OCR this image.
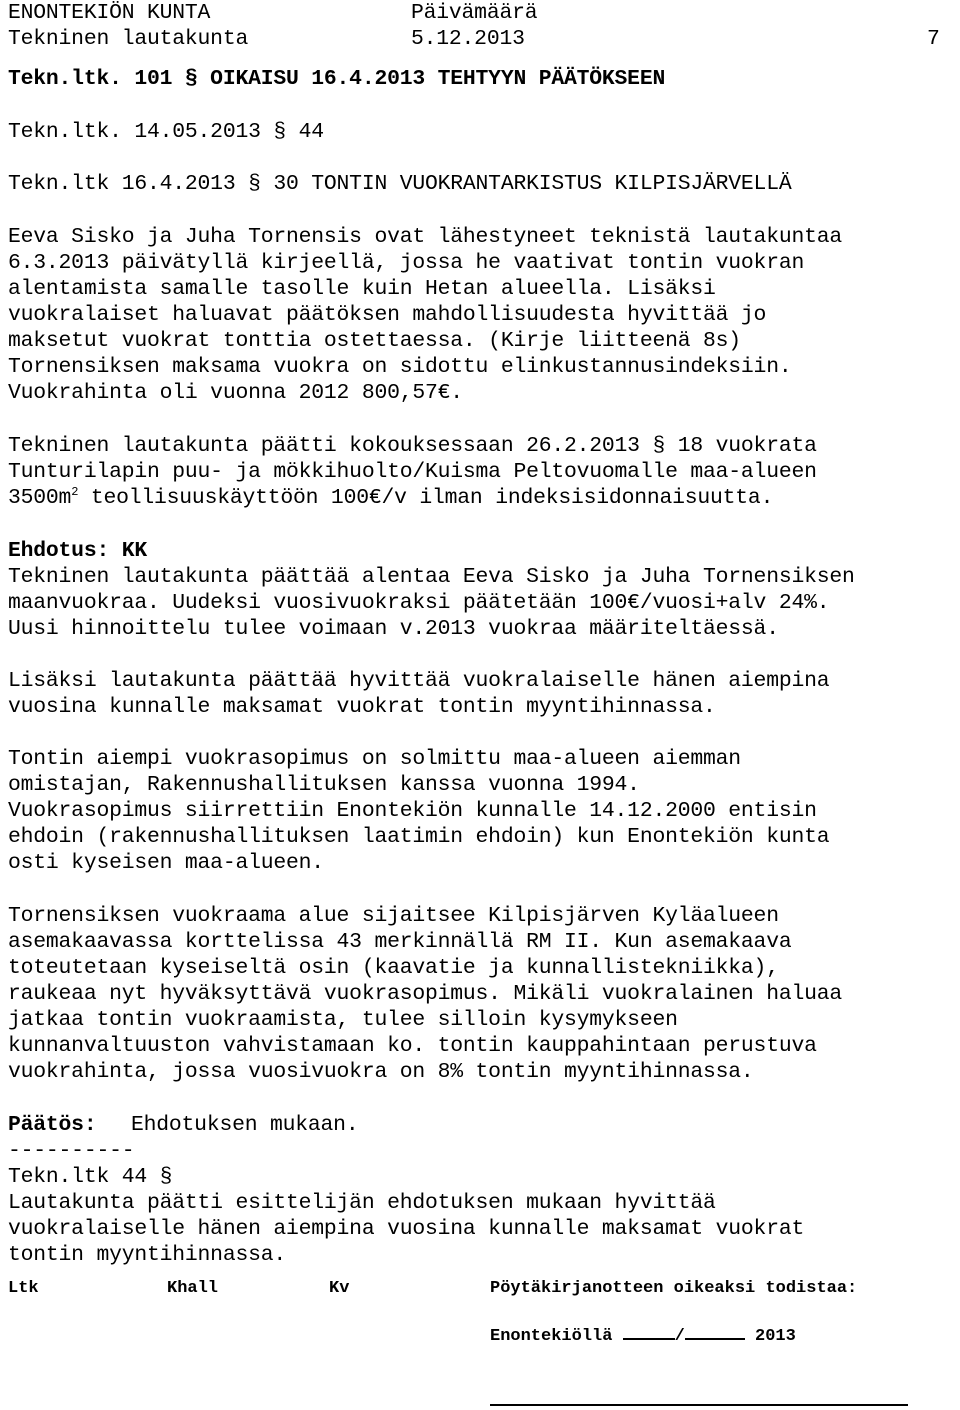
ENONTEKIÖN KUNTA	Päivämäärä
Tekninen lautakunta	5.12.2013	7
Tekn.ltk. 101 § OIKAISU 16.4.2013 TEHTYYN PÄÄTÖKSEEN
Tekn.ltk. 14.05.2013 § 44
Tekn.ltk 16.4.2013 § 30 TONTIN VUOKRANTARKISTUS KILPISJÄRVELLÄ
Eeva Sisko ja Juha Tornensis ovat lähestyneet teknistä lautakuntaa
6.3.2013 päivätyllä kirjeellä, jossa he vaativat tontin vuokran
alentamista samalle tasolle kuin Hetan alueella. Lisäksi
vuokralaiset haluavat päätöksen mahdollisuudesta hyvittää jo
maksetut vuokrat tonttia ostettaessa. (Kirje liitteenä 8s)
Tornensiksen maksama vuokra on sidottu elinkustannusindeksiin.
Vuokrahinta oli vuonna 2012 800,57€.
Tekninen lautakunta päätti kokouksessaan 26.2.2013 § 18 vuokrata
Tunturilapin puu- ja mökkihuolto/Kuisma Peltovuomalle maa-alueen
$3500m^2$ teollisuuskäyttöön 100€/v ilman indeksisidonnaisuutta.
Ehdotus: KK
Tekninen lautakunta päättää alentaa Eeva Sisko ja Juha Tornensiksen
maanvuokraa. Uudeksi vuosivuokraksi päätetään 100€/vuosi+alv 24%.
Uusi hinnoittelu tulee voimaan v.2013 vuokraa määriteltäessä.
Lisäksi lautakunta päättää hyvittää vuokralaiselle hänen aiempina
vuosina kunnalle maksamat vuokrat tontin myyntihinnassa.
Tontin aiempi vuokrasopimus on solmittu maa-alueen aiemman
omistajan, Rakennushallituksen kanssa vuonna 1994.
Vuokrasopimus siirrettiin Enontekiön kunnalle 14.12.2000 entisin
ehdoin (rakennushallituksen laatimin ehdoin) kun Enontekiön kunta
osti kyseisen maa-alueen.
Tornensiksen vuokraama alue sijaitsee Kilpisjärven Kyläalueen
asemakaavassa korttelissa 43 merkinnällä RM II. Kun asemakaava
toteutetaan kyseiseltä osin (kaavatie ja kunnallistekniikka),
raukeaa nyt hyväksyttävä vuokrasopimus. Mikäli vuokralainen haluaa
jatkaa tontin vuokraamista, tulee silloin kysymykseen
kunnanvaltuuston vahvistamaan ko. tontin kauppahintaan perustuva
vuokrahinta, jossa vuosivuokra on 8% tontin myyntihinnassa.
Päätös: Ehdotuksen mukaan.
----------
Tekn.ltk 44 §
Lautakunta päätti esittelijän ehdotuksen mukaan hyvittää
vuokralaiselle hänen aiempina vuosina kunnalle maksamat vuokrat
tontin myyntihinnassa.
Ltk	Khall	Kv	Pöytäkirjanotteen oikeaksi todistaa:
Enontekiöllä	/	2013
